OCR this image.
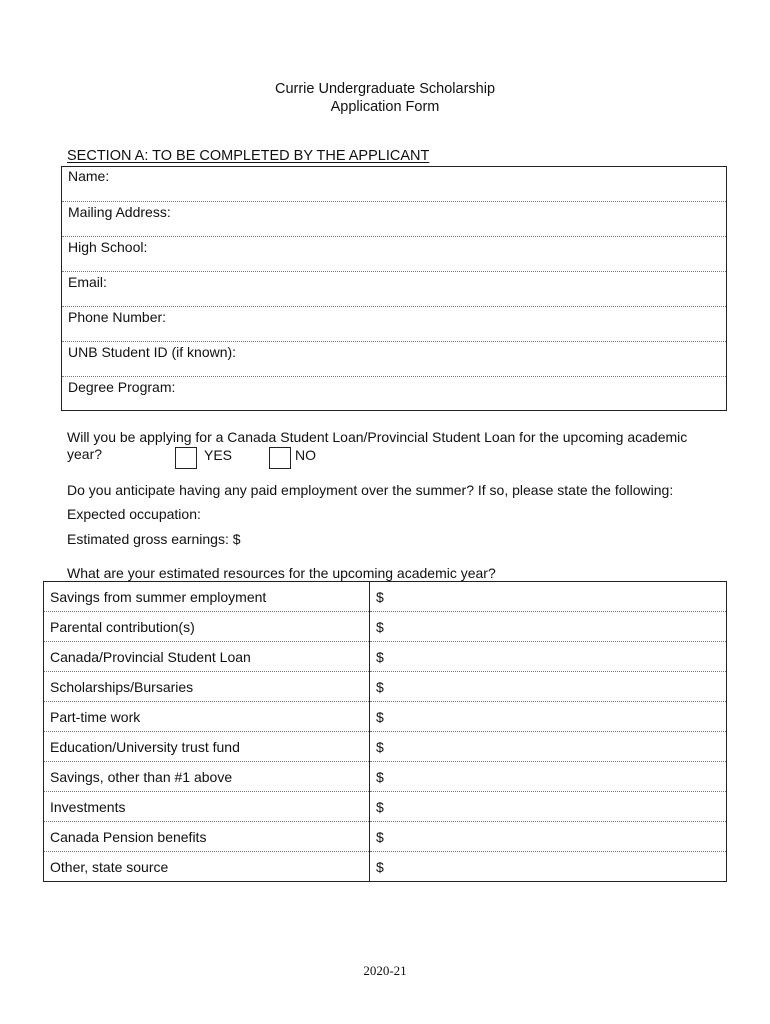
Currie Undergraduate Scholarship
Application Form
SECTION A: TO BE COMPLETED BY THE APPLICANT
Name:
Mailing Address:
High School:
Email:
Phone Number:
UNB Student ID (if known):
Degree Program:
Will you be applying for a Canada Student Loan/Provincial Student Loan for the upcoming academic
year?	YES	NO
Do you anticipate having any paid employment over the summer? If so, please state the following:
Expected occupation:
Estimated gross earnings: $
What are your estimated resources for the upcoming academic year?
Savings from summer employment	$
Parental contribution(s)	$
Canada/Provincial Student Loan	$
Scholarships/Bursaries	$
Part-time work	$
Education/University trust fund	$
Savings, other than #1 above	$
Investments	$
Canada Pension benefits	$
Other, state source	$
2020-21
